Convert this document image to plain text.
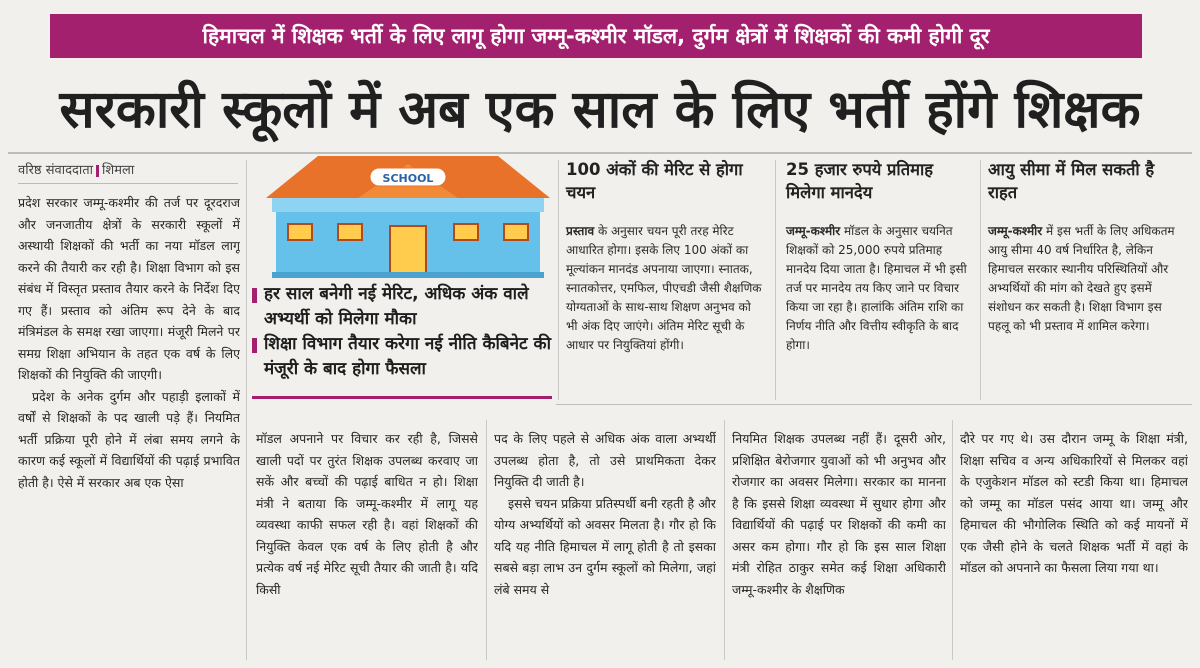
हिमाचल में शिक्षक भर्ती के लिए लागू होगा जम्मू-कश्मीर मॉडल, दुर्गम क्षेत्रों में शिक्षकों की कमी होगी दूर
सरकारी स्कूलों में अब एक साल के लिए भर्ती होंगे शिक्षक
वरिष्ठ संवाददाता शिमला

प्रदेश सरकार जम्मू-कश्मीर की तर्ज पर दूरदराज और जनजातीय क्षेत्रों के सरकारी स्कूलों में अस्थायी शिक्षकों की भर्ती का नया मॉडल लागू करने की तैयारी कर रही है। शिक्षा विभाग को इस संबंध में विस्तृत प्रस्ताव तैयार करने के निर्देश दिए गए हैं। प्रस्ताव को अंतिम रूप देने के बाद मंत्रिमंडल के समक्ष रखा जाएगा। मंजूरी मिलने पर समग्र शिक्षा अभियान के तहत एक वर्ष के लिए शिक्षकों की नियुक्ति की जाएगी।

प्रदेश के अनेक दुर्गम और पहाड़ी इलाकों में वर्षों से शिक्षकों के पद खाली पड़े हैं। नियमित भर्ती प्रक्रिया पूरी होने में लंबा समय लगने के कारण कई स्कूलों में विद्यार्थियों की पढ़ाई प्रभावित होती है। ऐसे में सरकार अब एक ऐसा

SCHOOL
हर साल बनेगी नई मेरिट, अधिक अंक वाले अभ्यर्थी को मिलेगा मौका
शिक्षा विभाग तैयार करेगा नई नीति कैबिनेट की मंजूरी के बाद होगा फैसला
100 अंकों की मेरिट से होगा चयन
प्रस्ताव के अनुसार चयन पूरी तरह मेरिट आधारित होगा। इसके लिए 100 अंकों का मूल्यांकन मानदंड अपनाया जाएगा। स्नातक, स्नातकोत्तर, एमफिल, पीएचडी जैसी शैक्षणिक योग्यताओं के साथ-साथ शिक्षण अनुभव को भी अंक दिए जाएंगे। अंतिम मेरिट सूची के आधार पर नियुक्तियां होंगी।
25 हजार रुपये प्रतिमाह मिलेगा मानदेय
जम्मू-कश्मीर मॉडल के अनुसार चयनित शिक्षकों को 25,000 रुपये प्रतिमाह मानदेय दिया जाता है। हिमाचल में भी इसी तर्ज पर मानदेय तय किए जाने पर विचार किया जा रहा है। हालांकि अंतिम राशि का निर्णय नीति और वित्तीय स्वीकृति के बाद होगा।
आयु सीमा में मिल सकती है राहत
जम्मू-कश्मीर में इस भर्ती के लिए अधिकतम आयु सीमा 40 वर्ष निर्धारित है, लेकिन हिमाचल सरकार स्थानीय परिस्थितियों और अभ्यर्थियों की मांग को देखते हुए इसमें संशोधन कर सकती है। शिक्षा विभाग इस पहलू को भी प्रस्ताव में शामिल करेगा।

मॉडल अपनाने पर विचार कर रही है, जिससे खाली पदों पर तुरंत शिक्षक उपलब्ध करवाए जा सकें और बच्चों की पढ़ाई बाधित न हो। शिक्षा मंत्री ने बताया कि जम्मू-कश्मीर में लागू यह व्यवस्था काफी सफल रही है। वहां शिक्षकों की नियुक्ति केवल एक वर्ष के लिए होती है और प्रत्येक वर्ष नई मेरिट सूची तैयार की जाती है। यदि किसी

पद के लिए पहले से अधिक अंक वाला अभ्यर्थी उपलब्ध होता है, तो उसे प्राथमिकता देकर नियुक्ति दी जाती है।

इससे चयन प्रक्रिया प्रतिस्पर्धी बनी रहती है और योग्य अभ्यर्थियों को अवसर मिलता है। गौर हो कि यदि यह नीति हिमाचल में लागू होती है तो इसका सबसे बड़ा लाभ उन दुर्गम स्कूलों को मिलेगा, जहां लंबे समय से

नियमित शिक्षक उपलब्ध नहीं हैं। दूसरी ओर, प्रशिक्षित बेरोजगार युवाओं को भी अनुभव और रोजगार का अवसर मिलेगा। सरकार का मानना है कि इससे शिक्षा व्यवस्था में सुधार होगा और विद्यार्थियों की पढ़ाई पर शिक्षकों की कमी का असर कम होगा। गौर हो कि इस साल शिक्षा मंत्री रोहित ठाकुर समेत कई शिक्षा अधिकारी जम्मू-कश्मीर के शैक्षणिक

दौरे पर गए थे। उस दौरान जम्मू के शिक्षा मंत्री, शिक्षा सचिव व अन्य अधिकारियों से मिलकर वहां के एजुकेशन मॉडल को स्टडी किया था। हिमाचल को जम्मू का मॉडल पसंद आया था। जम्मू और हिमाचल की भौगोलिक स्थिति को कई मायनों में एक जैसी होने के चलते शिक्षक भर्ती में वहां के मॉडल को अपनाने का फैसला लिया गया था।
